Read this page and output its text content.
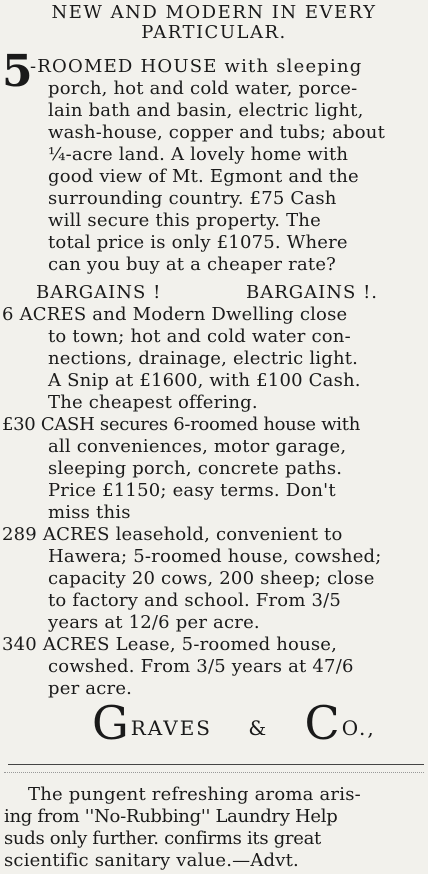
NEW AND MODERN IN EVERY
PARTICULAR.
5
-ROOMED HOUSE with sleeping
porch, hot and cold water, porce-
lain bath and basin, electric light,
wash-house, copper and tubs; about
¼-acre land. A lovely home with
good view of Mt. Egmont and the
surrounding country. £75 Cash
will secure this property. The
total price is only £1075. Where
can you buy at a cheaper rate?
BARGAINS !	BARGAINS !.
6 ACRES and Modern Dwelling close
to town; hot and cold water con-
nections, drainage, electric light.
A Snip at £1600, with £100 Cash.
The cheapest offering.
£30 CASH secures 6-roomed house with
all conveniences, motor garage,
sleeping porch, concrete paths.
Price £1150; easy terms. Don't
miss this
289 ACRES leasehold, convenient to
Hawera; 5-roomed house, cowshed;
capacity 20 cows, 200 sheep; close
to factory and school. From 3/5
years at 12/6 per acre.
340 ACRES Lease, 5-roomed house,
cowshed. From 3/5 years at 47/6
per acre.
GRAVES & CO.,
The pungent refreshing aroma aris-
ing from ''No-Rubbing'' Laundry Help
suds only further. confirms its great
scientific sanitary value.—Advt.
